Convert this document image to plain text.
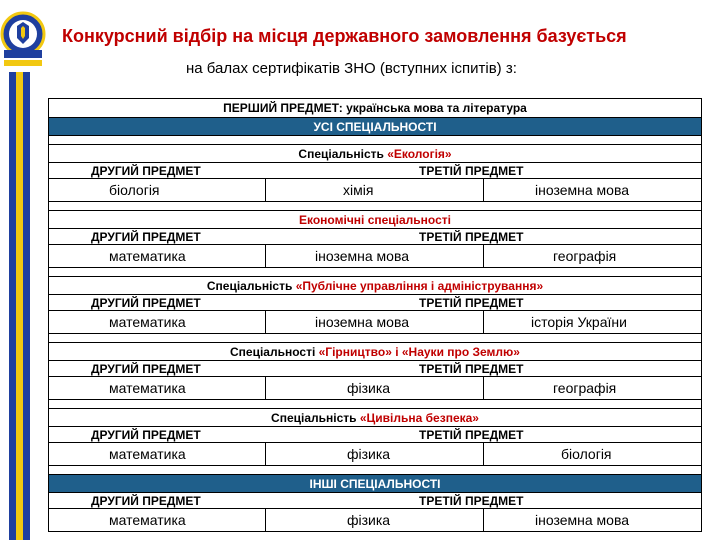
Конкурсний відбір на місця державного замовлення базується
на балах сертифікатів ЗНО (вступних іспитів) з:
ПЕРШИЙ ПРЕДМЕТ: українська мова та література
УСІ СПЕЦІАЛЬНОСТІ
Спеціальність «Екологія»
ДРУГИЙ ПРЕДМЕТ	ТРЕТІЙ ПРЕДМЕТ
біологія	хімія	іноземна мова
Економічні спеціальності
ДРУГИЙ ПРЕДМЕТ	ТРЕТІЙ ПРЕДМЕТ
математика	іноземна мова	географія
Спеціальність «Публічне управління і адміністрування»
ДРУГИЙ ПРЕДМЕТ	ТРЕТІЙ ПРЕДМЕТ
математика	іноземна мова	історія України
Спеціальності «Гірництво» і «Науки про Землю»
ДРУГИЙ ПРЕДМЕТ	ТРЕТІЙ ПРЕДМЕТ
математика	фізика	географія
Спеціальність «Цивільна безпека»
ДРУГИЙ ПРЕДМЕТ	ТРЕТІЙ ПРЕДМЕТ
математика	фізика	біологія
ІНШІ СПЕЦІАЛЬНОСТІ
ДРУГИЙ ПРЕДМЕТ	ТРЕТІЙ ПРЕДМЕТ
математика	фізика	іноземна мова
